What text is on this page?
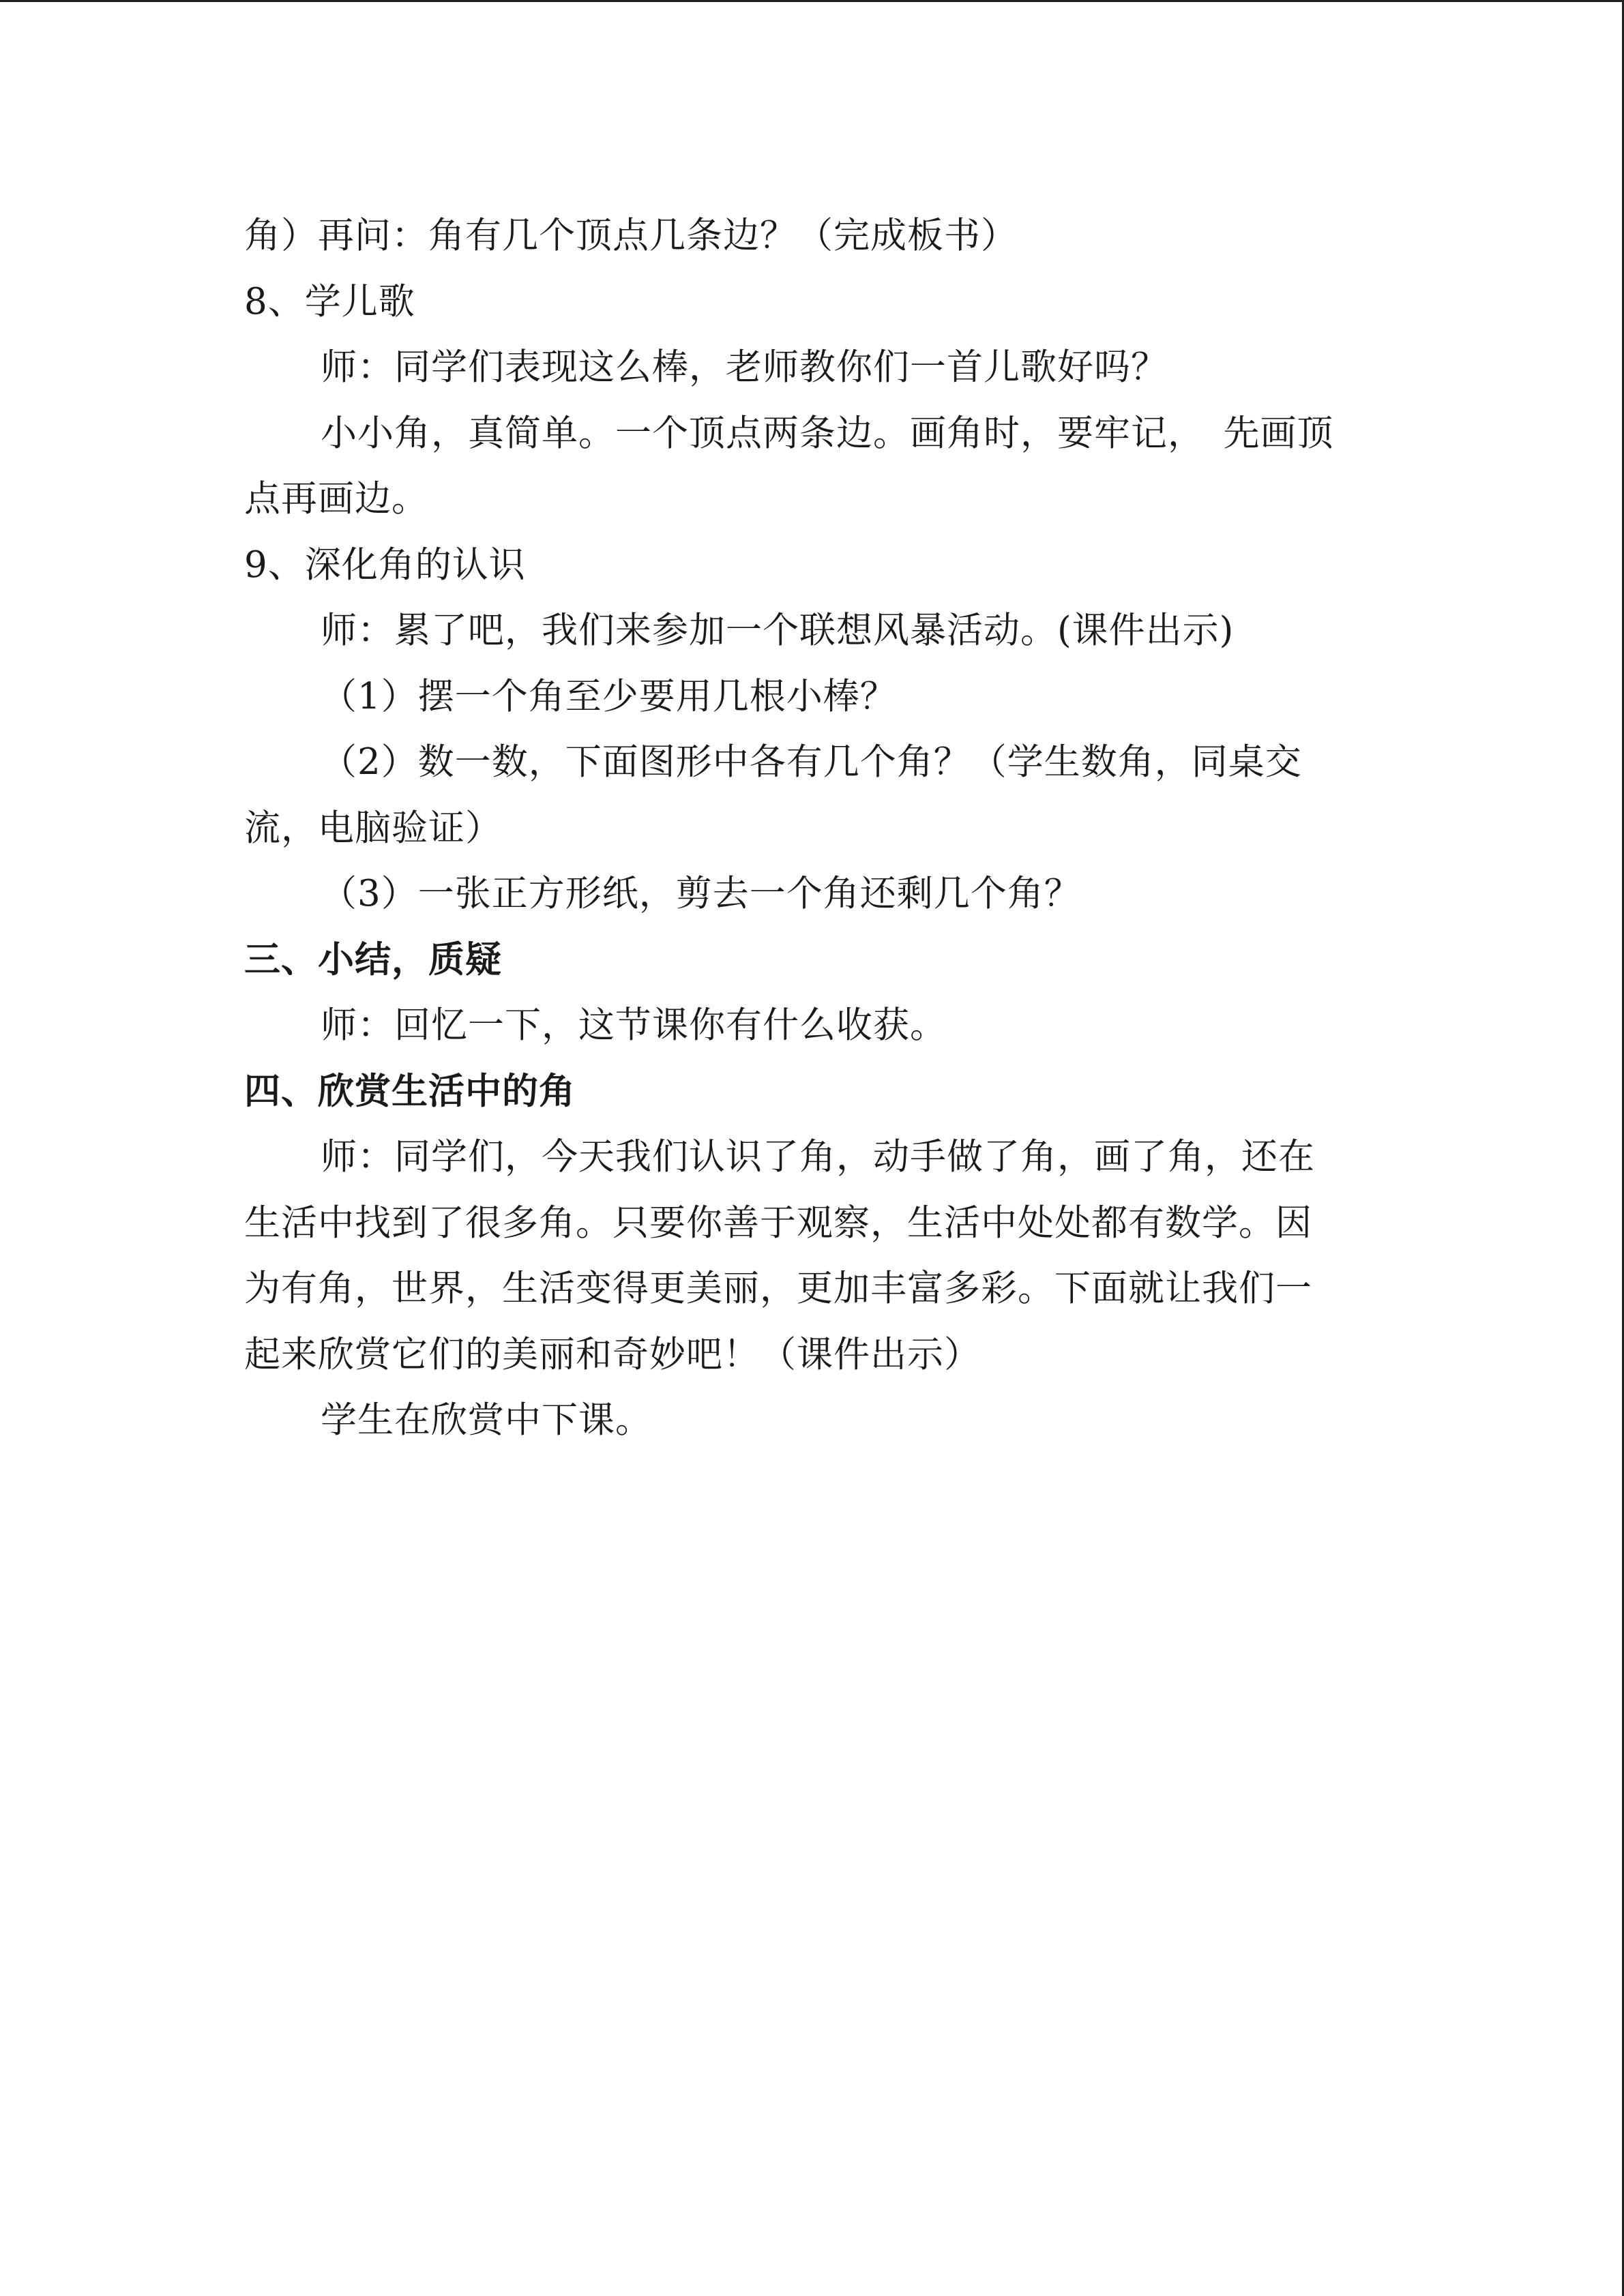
角）再问：角有几个顶点几条边？（完成板书）
8、学儿歌
师：同学们表现这么棒，老师教你们一首儿歌好吗？
小小角，真简单。一个顶点两条边。画角时，要牢记，　先画顶
点再画边。
9、深化角的认识
师：累了吧，我们来参加一个联想风暴活动。(课件出示)
（1）摆一个角至少要用几根小棒？
（2）数一数，下面图形中各有几个角？（学生数角，同桌交
流，电脑验证）
（3）一张正方形纸，剪去一个角还剩几个角？
三、小结，质疑
师：回忆一下，这节课你有什么收获。
四、欣赏生活中的角
师：同学们，今天我们认识了角，动手做了角，画了角，还在
生活中找到了很多角。只要你善于观察，生活中处处都有数学。因
为有角，世界，生活变得更美丽，更加丰富多彩。下面就让我们一
起来欣赏它们的美丽和奇妙吧！（课件出示）
学生在欣赏中下课。
